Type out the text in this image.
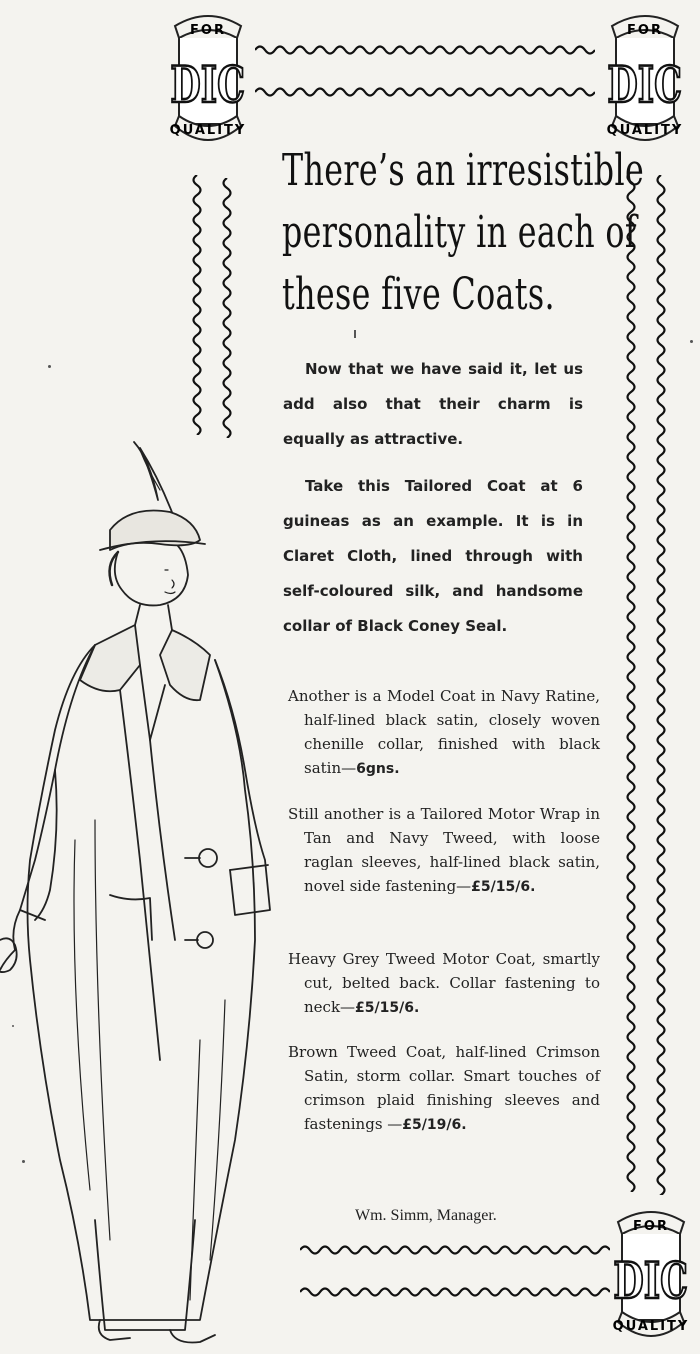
FOR
DIC
QUALITY
FOR
DIC
QUALITY
FOR
DIC
QUALITY
There’s an irresistible
personality in each of
these five Coats.
Now that we have said it, let us add also that their charm is equally as attractive.
Take this Tailored Coat at 6 guineas as an example. It is in Claret Cloth, lined through with self-coloured silk, and handsome collar of Black Coney Seal.
Another is a Model Coat in Navy Ratine, half-lined black satin, closely woven chenille collar, finished with black satin—6gns.
Still another is a Tailored Motor Wrap in Tan and Navy Tweed, with loose raglan sleeves, half-lined black satin, novel side fastening—£5/15/6.
Heavy Grey Tweed Motor Coat, smartly cut, belted back. Collar fastening to neck—£5/15/6.
Brown Tweed Coat, half-lined Crimson Satin, storm collar. Smart touches of crimson plaid finishing sleeves and fastenings —£5/19/6.
Wm. Simm, Manager.
